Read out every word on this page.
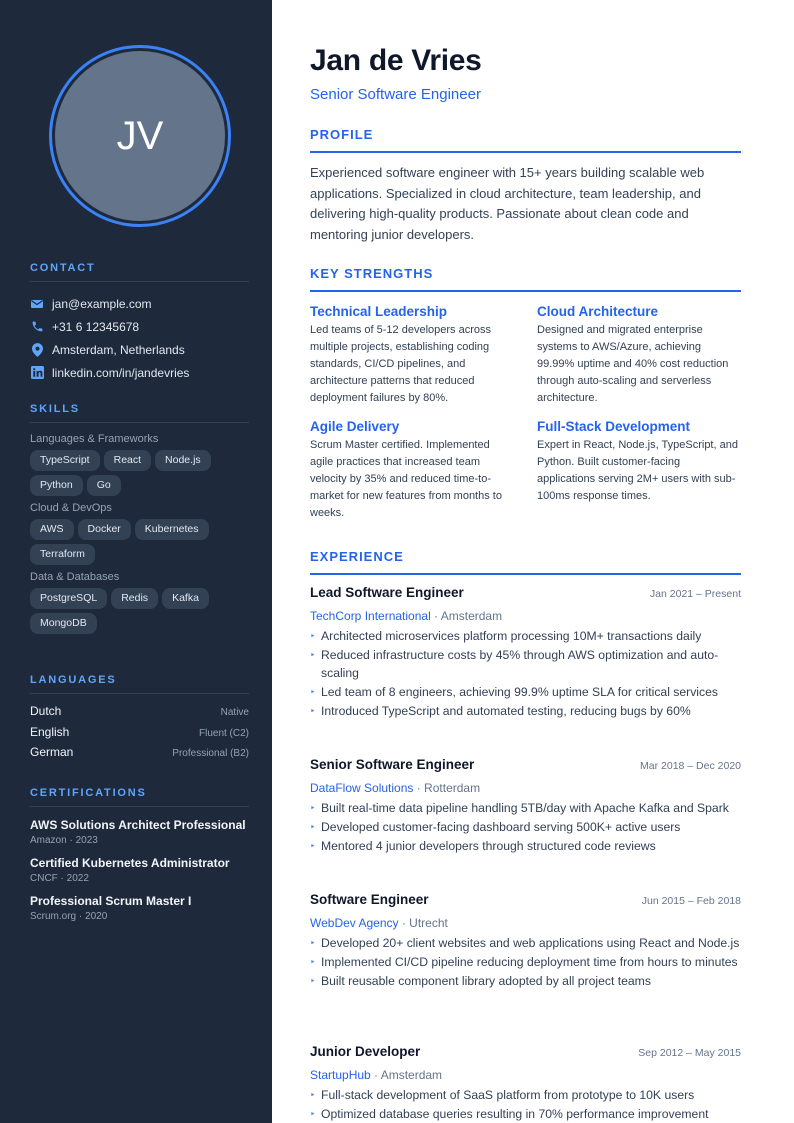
JV
CONTACT
jan@example.com
+31 6 12345678
Amsterdam, Netherlands
linkedin.com/in/jandevries
SKILLS
Languages & Frameworks
TypeScript	React	Node.js
Python	Go
Cloud & DevOps
AWS	Docker	Kubernetes
Terraform
Data & Databases
PostgreSQL	Redis	Kafka
MongoDB
LANGUAGES
Dutch	Native
English	Fluent (C2)
German	Professional (B2)
CERTIFICATIONS
AWS Solutions Architect Professional
Amazon · 2023
Certified Kubernetes Administrator
CNCF · 2022
Professional Scrum Master I
Scrum.org · 2020
Jan de Vries
Senior Software Engineer
PROFILE

Experienced software engineer with 15+ years building scalable web applications. Specialized in cloud architecture, team leadership, and delivering high-quality products. Passionate about clean code and mentoring junior developers.

KEY STRENGTHS
Technical Leadership
Led teams of 5-12 developers across multiple projects, establishing coding standards, CI/CD pipelines, and architecture patterns that reduced deployment failures by 80%.
Cloud Architecture
Designed and migrated enterprise systems to AWS/Azure, achieving 99.99% uptime and 40% cost reduction through auto-scaling and serverless architecture.
Agile Delivery
Scrum Master certified. Implemented agile practices that increased team velocity by 35% and reduced time-to-market for new features from months to weeks.
Full-Stack Development
Expert in React, Node.js, TypeScript, and Python. Built customer-facing applications serving 2M+ users with sub-100ms response times.
EXPERIENCE
Lead Software Engineer	Jan 2021 – Present
TechCorp International · Amsterdam
‣ Architected microservices platform processing 10M+ transactions daily
‣ Reduced infrastructure costs by 45% through AWS optimization and auto-scaling
‣ Led team of 8 engineers, achieving 99.9% uptime SLA for critical services
‣ Introduced TypeScript and automated testing, reducing bugs by 60%
Senior Software Engineer	Mar 2018 – Dec 2020
DataFlow Solutions · Rotterdam
‣ Built real-time data pipeline handling 5TB/day with Apache Kafka and Spark
‣ Developed customer-facing dashboard serving 500K+ active users
‣ Mentored 4 junior developers through structured code reviews
Software Engineer	Jun 2015 – Feb 2018
WebDev Agency · Utrecht
‣ Developed 20+ client websites and web applications using React and Node.js
‣ Implemented CI/CD pipeline reducing deployment time from hours to minutes
‣ Built reusable component library adopted by all project teams
Junior Developer	Sep 2012 – May 2015
StartupHub · Amsterdam
‣ Full-stack development of SaaS platform from prototype to 10K users
‣ Optimized database queries resulting in 70% performance improvement
